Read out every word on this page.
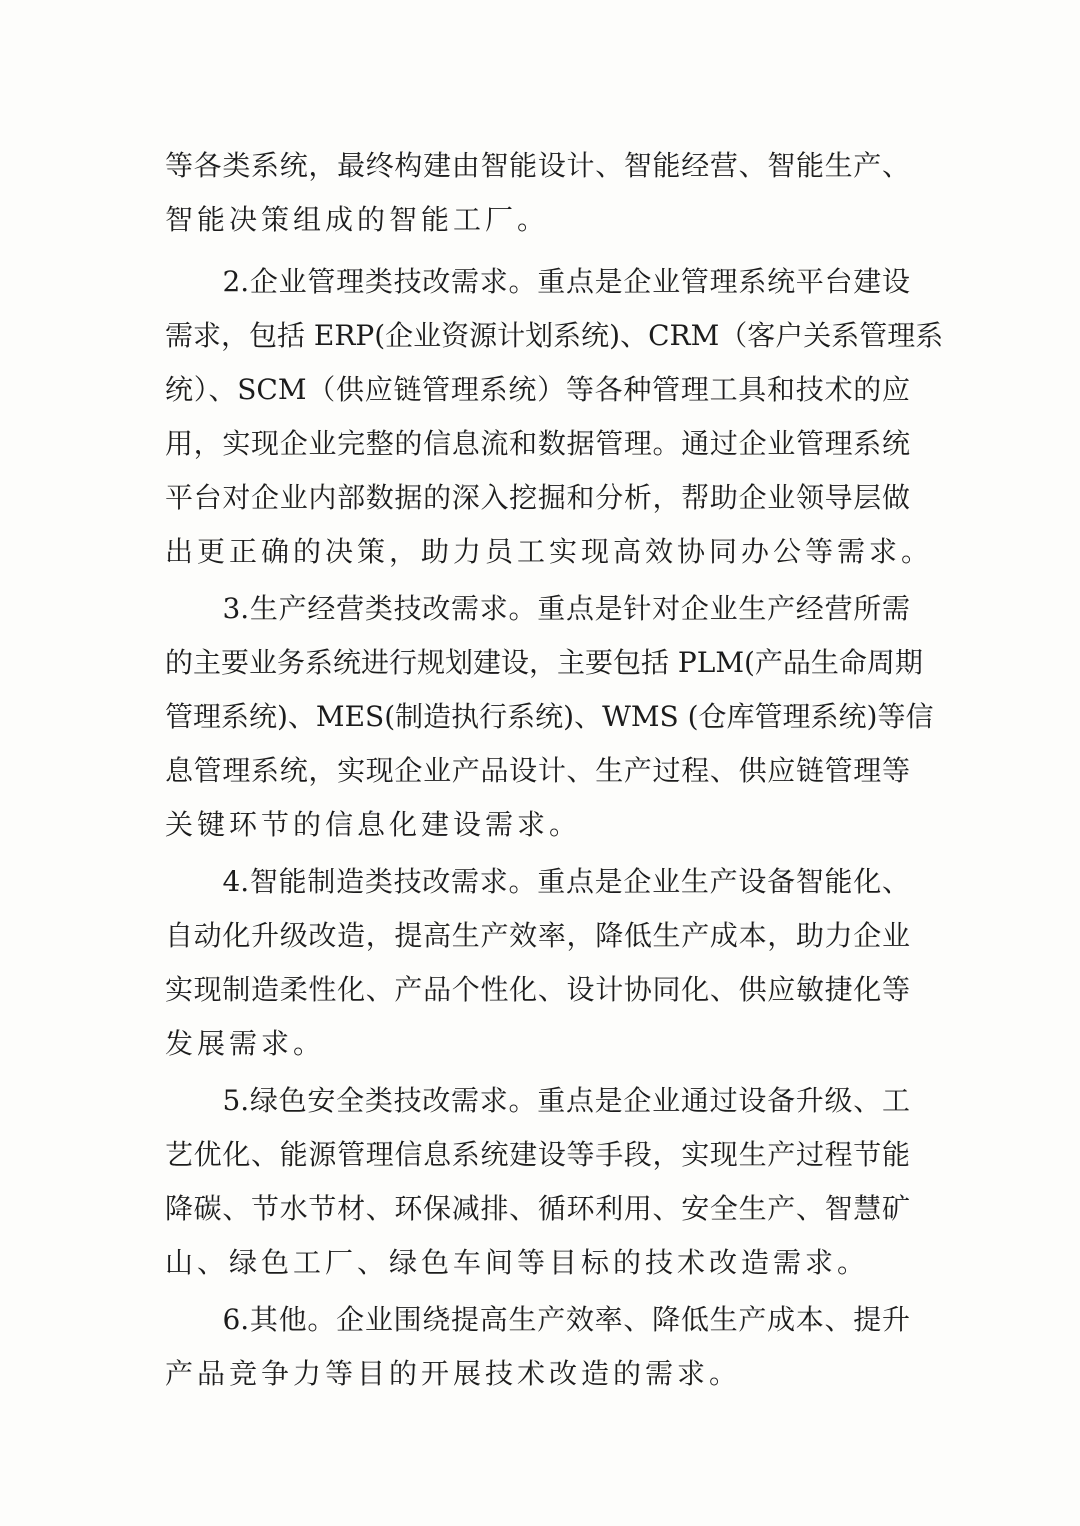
等各类系统，最终构建由智能设计、智能经营、智能生产、
智能决策组成的智能工厂。
　　2.企业管理类技改需求。重点是企业管理系统平台建设
需求，包括 ERP(企业资源计划系统)、CRM（客户关系管理系
统）、SCM（供应链管理系统）等各种管理工具和技术的应
用，实现企业完整的信息流和数据管理。通过企业管理系统
平台对企业内部数据的深入挖掘和分析，帮助企业领导层做
出更正确的决策，助力员工实现高效协同办公等需求。
　　3.生产经营类技改需求。重点是针对企业生产经营所需
的主要业务系统进行规划建设，主要包括 PLM(产品生命周期
管理系统)、MES(制造执行系统)、WMS (仓库管理系统)等信
息管理系统，实现企业产品设计、生产过程、供应链管理等
关键环节的信息化建设需求。
　　4.智能制造类技改需求。重点是企业生产设备智能化、
自动化升级改造，提高生产效率，降低生产成本，助力企业
实现制造柔性化、产品个性化、设计协同化、供应敏捷化等
发展需求。
　　5.绿色安全类技改需求。重点是企业通过设备升级、工
艺优化、能源管理信息系统建设等手段，实现生产过程节能
降碳、节水节材、环保减排、循环利用、安全生产、智慧矿
山、绿色工厂、绿色车间等目标的技术改造需求。
　　6.其他。企业围绕提高生产效率、降低生产成本、提升
产品竞争力等目的开展技术改造的需求。
